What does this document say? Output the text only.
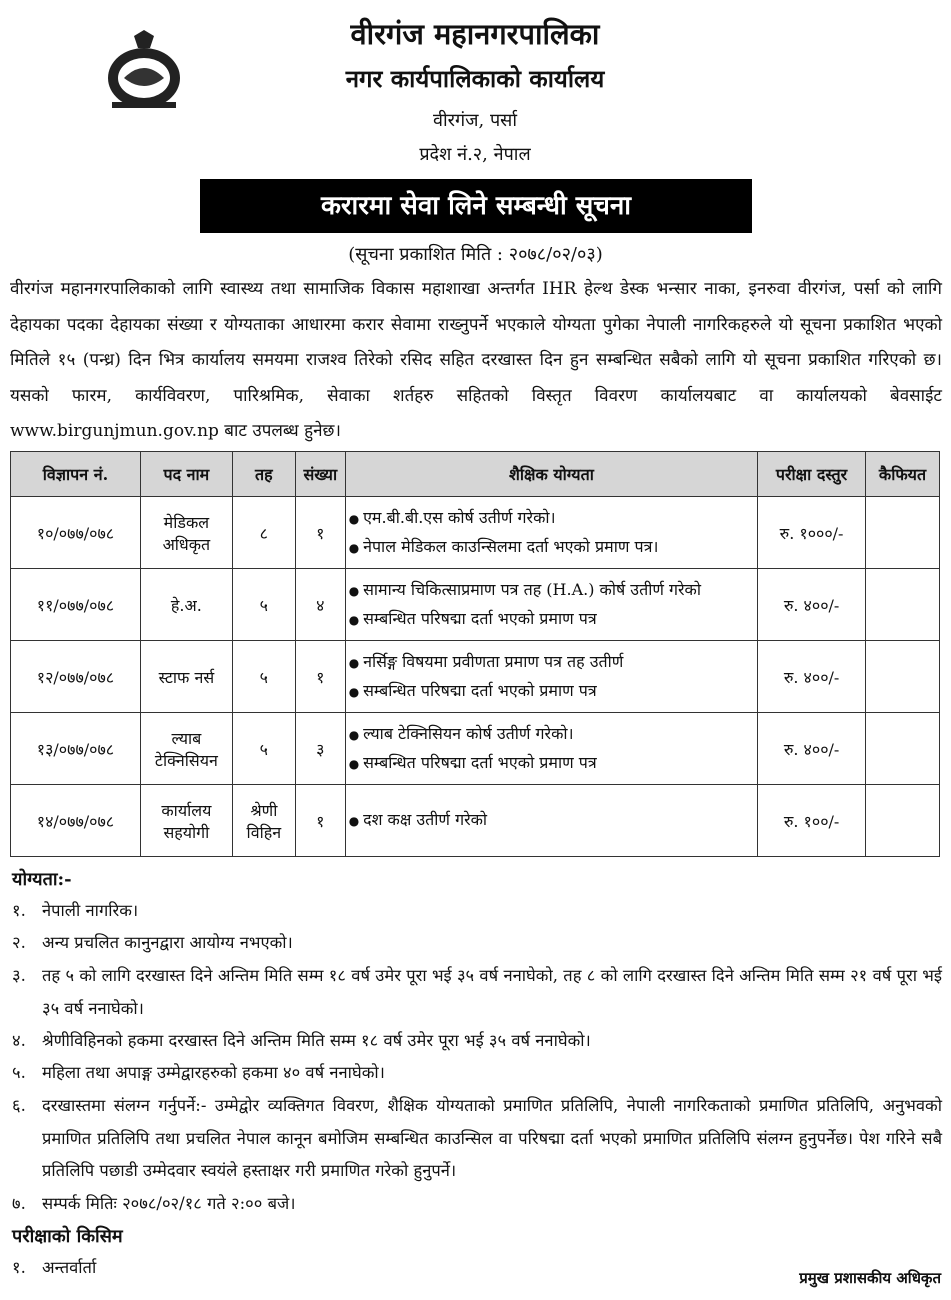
वीरगंज महानगरपालिका
नगर कार्यपालिकाको कार्यालय
वीरगंज, पर्सा
प्रदेश नं.२, नेपाल
करारमा सेवा लिने सम्बन्धी सूचना
(सूचना प्रकाशित मिति : २०७८/०२/०३)
वीरगंज महानगरपालिकाको लागि स्वास्थ्य तथा सामाजिक विकास महाशाखा अन्तर्गत IHR हेल्थ डेस्क भन्सार नाका, इनरुवा वीरगंज, पर्सा को लागि देहायका पदका देहायका संख्या र योग्यताका आधारमा करार सेवामा राख्नुपर्ने भएकाले योग्यता पुगेका नेपाली नागरिकहरुले यो सूचना प्रकाशित भएको मितिले १५ (पन्ध्र) दिन भित्र कार्यालय समयमा राजश्व तिरेको रसिद सहित दरखास्त दिन हुन सम्बन्धित सबैको लागि यो सूचना प्रकाशित गरिएको छ। यसको फारम, कार्यविवरण, पारिश्रमिक, सेवाका शर्तहरु सहितको विस्तृत विवरण कार्यालयबाट वा कार्यालयको बेवसाईट www.birgunjmun.gov.np बाट उपलब्ध हुनेछ।
विज्ञापन नं.	पद नाम	तह	संख्या	शैक्षिक योग्यता	परीक्षा दस्तुर	कैफियत
१०/०७७/०७८	मेडिकल अधिकृत	८	१	● एम.बी.बी.एस कोर्ष उतीर्ण गरेको।
● नेपाल मेडिकल काउन्सिलमा दर्ता भएको प्रमाण पत्र।	रु. १०००/-	
११/०७७/०७८	हे.अ.	५	४	● सामान्य चिकित्साप्रमाण पत्र तह (H.A.) कोर्ष उतीर्ण गरेको
● सम्बन्धित परिषद्मा दर्ता भएको प्रमाण पत्र	रु. ४००/-	
१२/०७७/०७८	स्टाफ नर्स	५	१	● नर्सिङ्ग विषयमा प्रवीणता प्रमाण पत्र तह उतीर्ण
● सम्बन्धित परिषद्मा दर्ता भएको प्रमाण पत्र	रु. ४००/-	
१३/०७७/०७८	ल्याब टेक्निसियन	५	३	● ल्याब टेक्निसियन कोर्ष उतीर्ण गरेको।
● सम्बन्धित परिषद्मा दर्ता भएको प्रमाण पत्र	रु. ४००/-	
१४/०७७/०७८	कार्यालय सहयोगी	श्रेणी विहिन	१	● दश कक्ष उतीर्ण गरेको	रु. १००/-	
योग्यता:-
१. नेपाली नागरिक।
२. अन्य प्रचलित कानुनद्वारा आयोग्य नभएको।
३. तह ५ को लागि दरखास्त दिने अन्तिम मिति सम्म १८ वर्ष उमेर पूरा भई ३५ वर्ष ननाघेको, तह ८ को लागि दरखास्त दिने अन्तिम मिति सम्म २१ वर्ष पूरा भई ३५ वर्ष ननाघेको।
४. श्रेणीविहिनको हकमा दरखास्त दिने अन्तिम मिति सम्म १८ वर्ष उमेर पूरा भई ३५ वर्ष ननाघेको।
५. महिला तथा अपाङ्ग उम्मेद्वारहरुको हकमा ४० वर्ष ननाघेको।
६. दरखास्तमा संलग्न गर्नुपर्ने:- उम्मेद्वोर व्यक्तिगत विवरण, शैक्षिक योग्यताको प्रमाणित प्रतिलिपि, नेपाली नागरिकताको प्रमाणित प्रतिलिपि, अनुभवको प्रमाणित प्रतिलिपि तथा प्रचलित नेपाल कानून बमोजिम सम्बन्धित काउन्सिल वा परिषद्मा दर्ता भएको प्रमाणित प्रतिलिपि संलग्न हुनुपर्नेछ। पेश गरिने सबै प्रतिलिपि पछाडी उम्मेदवार स्वयंले हस्ताक्षर गरी प्रमाणित गरेको हुनुपर्ने।
७. सम्पर्क मितिः २०७८/०२/१८ गते २:०० बजे।
परीक्षाको किसिम
१. अन्तर्वार्ता
प्रमुख प्रशासकीय अधिकृत
